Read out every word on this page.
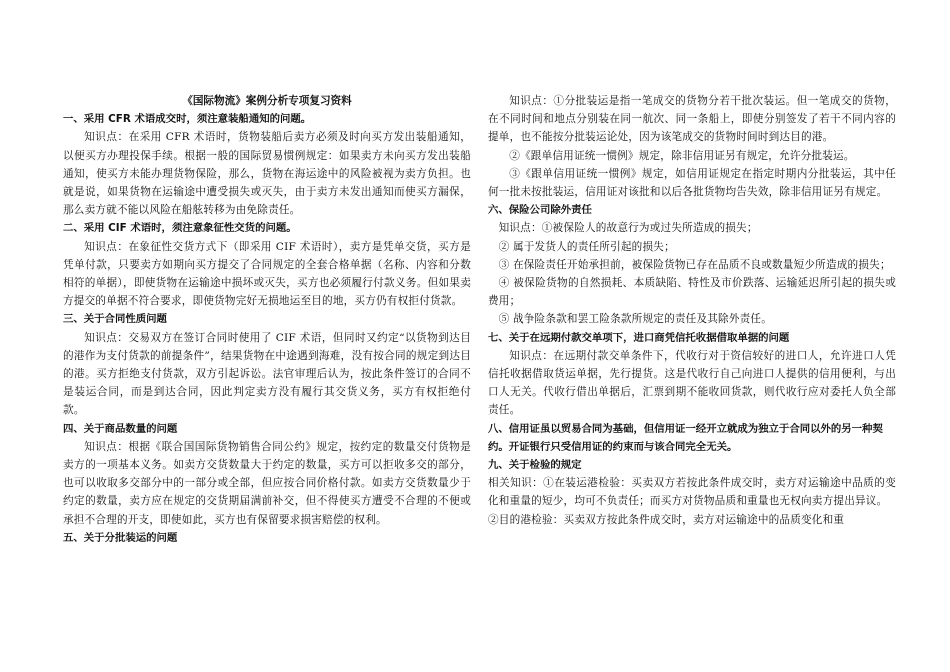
《国际物流》案例分析专项复习资料
一、采用 CFR 术语成交时，须注意装船通知的问题。

知识点：在采用 CFR 术语时，货物装船后卖方必须及时向买方发出装船通知，以便买方办理投保手续。根据一般的国际贸易惯例规定：如果卖方未向买方发出装船通知，使买方未能办理货物保险，那么，货物在海运途中的风险被视为卖方负担。也就是说，如果货物在运输途中遭受损失或灭失，由于卖方未发出通知而使买方漏保，那么卖方就不能以风险在船舷转移为由免除责任。

二、采用 CIF 术语时，须注意象征性交货的问题。

知识点：在象征性交货方式下（即采用 CIF 术语时），卖方是凭单交货，买方是凭单付款，只要卖方如期向买方提交了合同规定的全套合格单据（名称、内容和分数相符的单据），即使货物在运输途中损坏或灭失，买方也必须履行付款义务。但如果卖方提交的单据不符合要求，即使货物完好无损地运至目的地，买方仍有权拒付货款。

三、关于合同性质问题

知识点：交易双方在签订合同时使用了 CIF 术语，但同时又约定“以货物到达目的港作为支付货款的前提条件”，结果货物在中途遇到海难，没有按合同的规定到达目的港。买方拒绝支付货款，双方引起诉讼。法官审理后认为，按此条件签订的合同不是装运合同，而是到达合同，因此判定卖方没有履行其交货义务，买方有权拒绝付款。

四、关于商品数量的问题

知识点：根据《联合国国际货物销售合同公约》规定，按约定的数量交付货物是卖方的一项基本义务。如卖方交货数量大于约定的数量，买方可以拒收多交的部分，也可以收取多交部分中的一部分或全部，但应按合同价格付款。如卖方交货数量少于约定的数量，卖方应在规定的交货期届满前补交，但不得使买方遭受不合理的不便或承担不合理的开支，即使如此，买方也有保留要求损害赔偿的权利。

五、关于分批装运的问题

知识点：①分批装运是指一笔成交的货物分若干批次装运。但一笔成交的货物，在不同时间和地点分别装在同一航次、同一条船上，即使分别签发了若干不同内容的提单，也不能按分批装运论处，因为该笔成交的货物时间时到达目的港。

②《跟单信用证统一惯例》规定，除非信用证另有规定，允许分批装运。

③《跟单信用证统一惯例》规定，如信用证规定在指定时期内分批装运，其中任何一批未按批装运，信用证对该批和以后各批货物均告失效，除非信用证另有规定。

六、保险公司除外责任

知识点：①被保险人的故意行为或过失所造成的损失；

② 属于发货人的责任所引起的损失；

③ 在保险责任开始承担前，被保险货物已存在品质不良或数量短少所造成的损失；

④ 被保险货物的自然损耗、本质缺陷、特性及市价跌落、运输延迟所引起的损失或费用；

⑤ 战争险条款和罢工险条款所规定的责任及其除外责任。

七、关于在远期付款交单项下，进口商凭信托收据借取单据的问题

知识点：在远期付款交单条件下，代收行对于资信较好的进口人，允许进口人凭信托收据借取货运单据，先行提货。这是代收行自己向进口人提供的信用便利，与出口人无关。代收行借出单据后，汇票到期不能收回货款，则代收行应对委托人负全部责任。

八、信用证虽以贸易合同为基础，但信用证一经开立就成为独立于合同以外的另一种契约。开证银行只受信用证的约束而与该合同完全无关。
九、关于检验的规定

相关知识：①在装运港检验：买卖双方若按此条件成交时，卖方对运输途中品质的变化和重量的短少，均可不负责任；而买方对货物品质和重量也无权向卖方提出异议。

②目的港检验：买卖双方按此条件成交时，卖方对运输途中的品质变化和重
